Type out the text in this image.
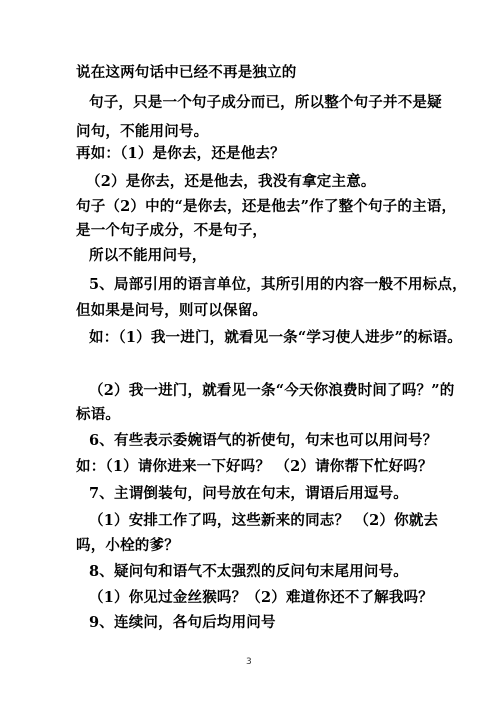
说在这两句话中已经不再是独立的
句子，只是一个句子成分而已，所以整个句子并不是疑
问句，不能用问号。
再如：（1）是你去，还是他去？
（2）是你去，还是他去，我没有拿定主意。
句子（2）中的“是你去，还是他去”作了整个句子的主语，
是一个句子成分，不是句子，
所以不能用问号，
5、局部引用的语言单位，其所引用的内容一般不用标点，
但如果是问号，则可以保留。
如：（1）我一进门，就看见一条“学习使人进步”的标语。
（2）我一进门，就看见一条“今天你浪费时间了吗？”的
标语。
6、有些表示委婉语气的祈使句，句末也可以用问号？
如：（1）请你进来一下好吗？ （2）请你帮下忙好吗？
7、主谓倒装句，问号放在句末，谓语后用逗号。
（1）安排工作了吗，这些新来的同志？ （2）你就去
吗，小栓的爹？
8、疑问句和语气不太强烈的反问句末尾用问号。
（1）你见过金丝猴吗？（2）难道你还不了解我吗？
9、连续问，各句后均用问号
3
